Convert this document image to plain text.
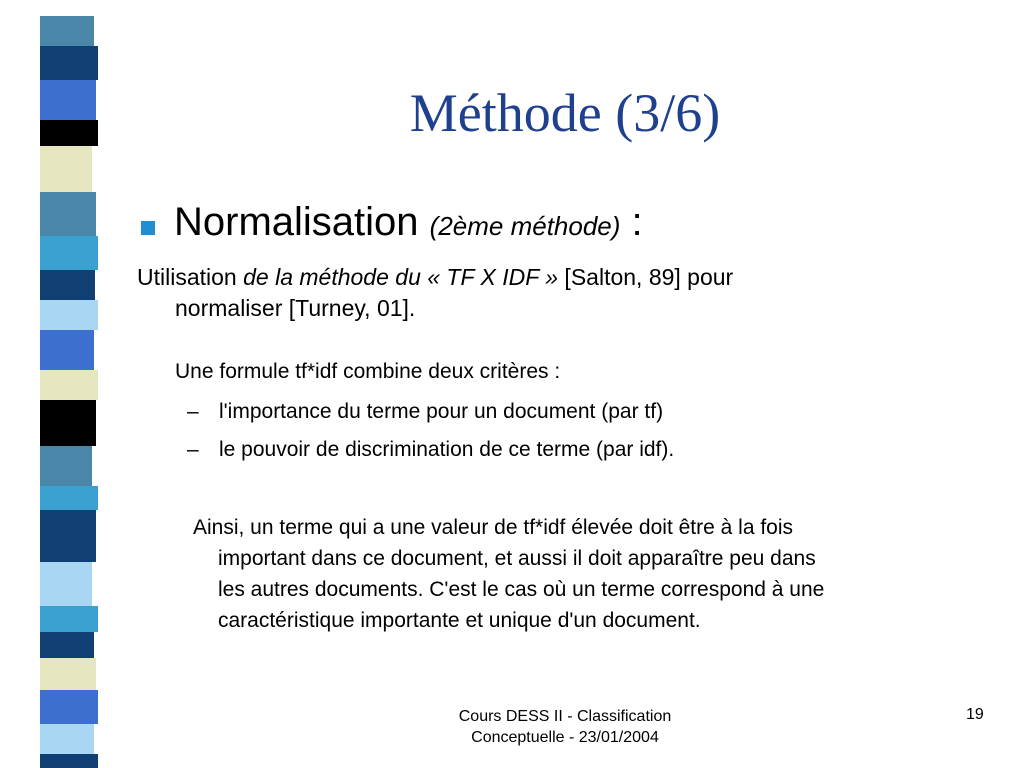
Méthode (3/6)
Normalisation (2ème méthode) :
Utilisation de la méthode du « TF X IDF » [Salton, 89] pour
normaliser [Turney, 01].
Une formule tf*idf combine deux critères :
– l'importance du terme pour un document (par tf)
– le pouvoir de discrimination de ce terme (par idf).
Ainsi, un terme qui a une valeur de tf*idf élevée doit être à la fois
important dans ce document, et aussi il doit apparaître peu dans
les autres documents. C'est le cas où un terme correspond à une
caractéristique importante et unique d'un document.
Cours DESS II - Classification
Conceptuelle - 23/01/2004
19
